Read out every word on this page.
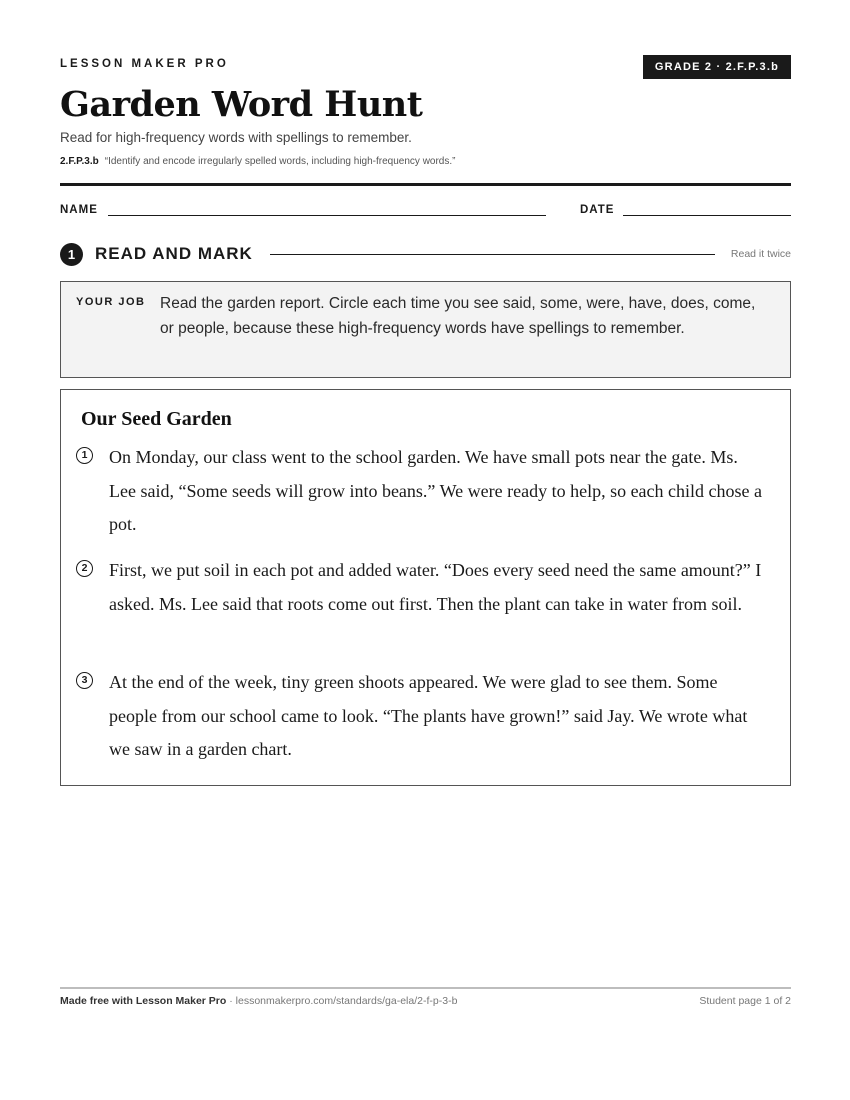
LESSON MAKER PRO	GRADE 2 · 2.F.P.3.b
Garden Word Hunt
Read for high-frequency words with spellings to remember.
2.F.P.3.b “Identify and encode irregularly spelled words, including high-frequency words.”
NAME	DATE
1	READ AND MARK	Read it twice
YOUR JOB Read the garden report. Circle each time you see said, some, were, have, does, come, or people, because these high-frequency words have spellings to remember.
Our Seed Garden
1	On Monday, our class went to the school garden. We have small pots near the gate. Ms. Lee said, “Some seeds will grow into beans.” We were ready to help, so each child chose a pot.

2	First, we put soil in each pot and added water. “Does every seed need the same amount?” I asked. Ms. Lee said that roots come out first. Then the plant can take in water from soil.

3	At the end of the week, tiny green shoots appeared. We were glad to see them. Some people from our school came to look. “The plants have grown!” said Jay. We wrote what we saw in a garden chart.

Made free with Lesson Maker Pro · lessonmakerpro.com/standards/ga-ela/2-f-p-3-b	Student page 1 of 2
